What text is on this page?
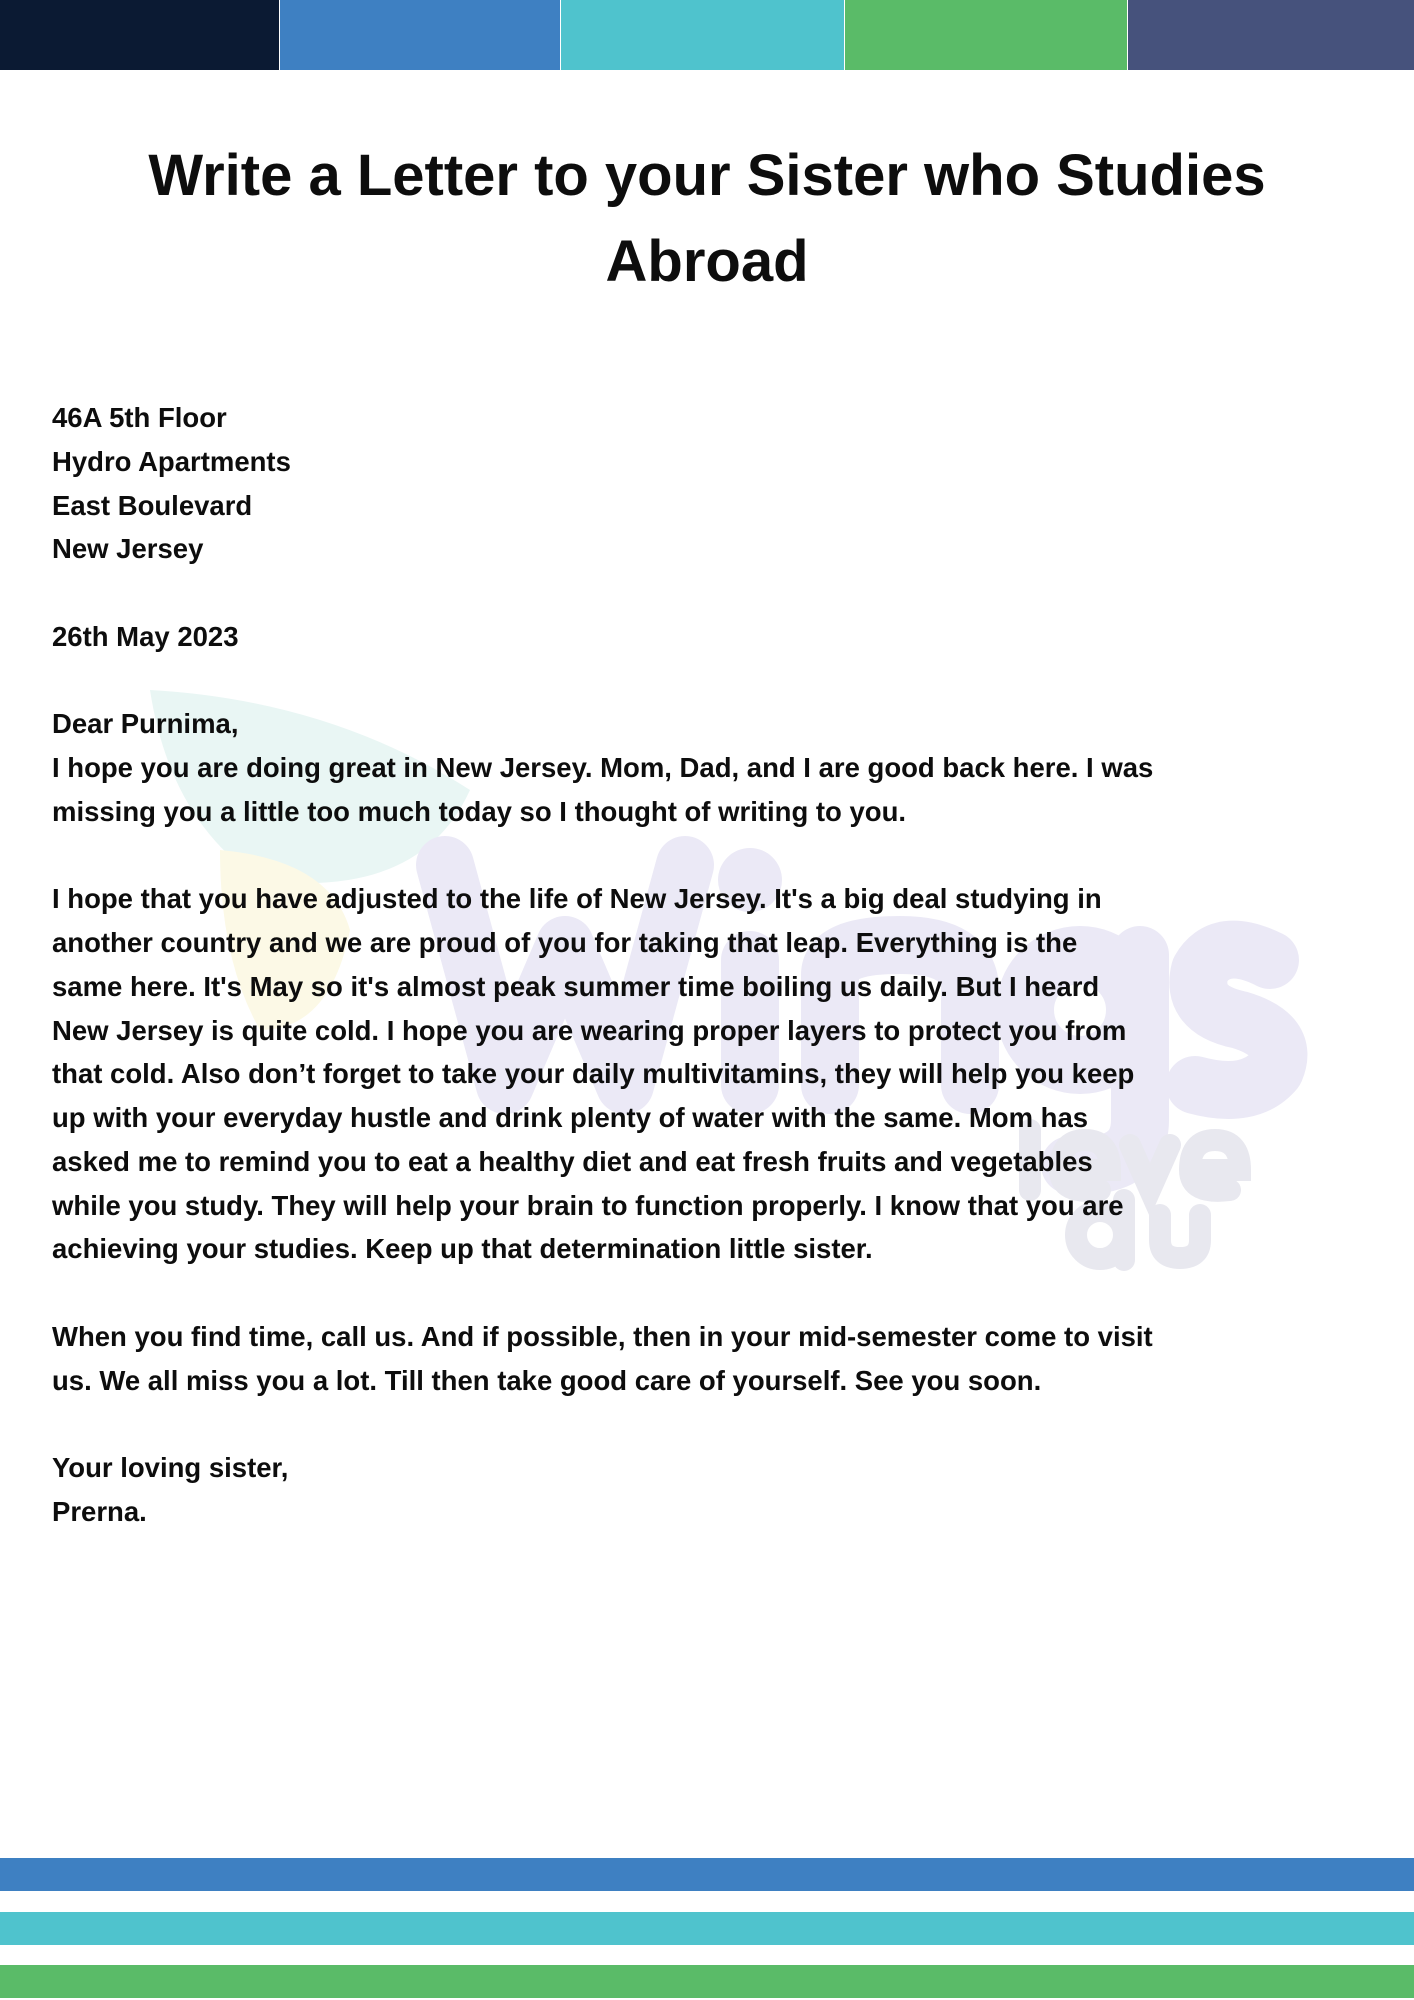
Write a Letter to your Sister who Studies Abroad
46A 5th Floor
Hydro Apartments
East Boulevard
New Jersey
26th May 2023
Dear Purnima,
I hope you are doing great in New Jersey. Mom, Dad, and I are good back here. I was
missing you a little too much today so I thought of writing to you.
I hope that you have adjusted to the life of New Jersey. It's a big deal studying in
another country and we are proud of you for taking that leap. Everything is the
same here. It's May so it's almost peak summer time boiling us daily. But I heard
New Jersey is quite cold. I hope you are wearing proper layers to protect you from
that cold. Also don’t forget to take your daily multivitamins, they will help you keep
up with your everyday hustle and drink plenty of water with the same. Mom has
asked me to remind you to eat a healthy diet and eat fresh fruits and vegetables
while you study. They will help your brain to function properly. I know that you are
achieving your studies. Keep up that determination little sister.
When you find time, call us. And if possible, then in your mid-semester come to visit
us. We all miss you a lot. Till then take good care of yourself. See you soon.
Your loving sister,
Prerna.
